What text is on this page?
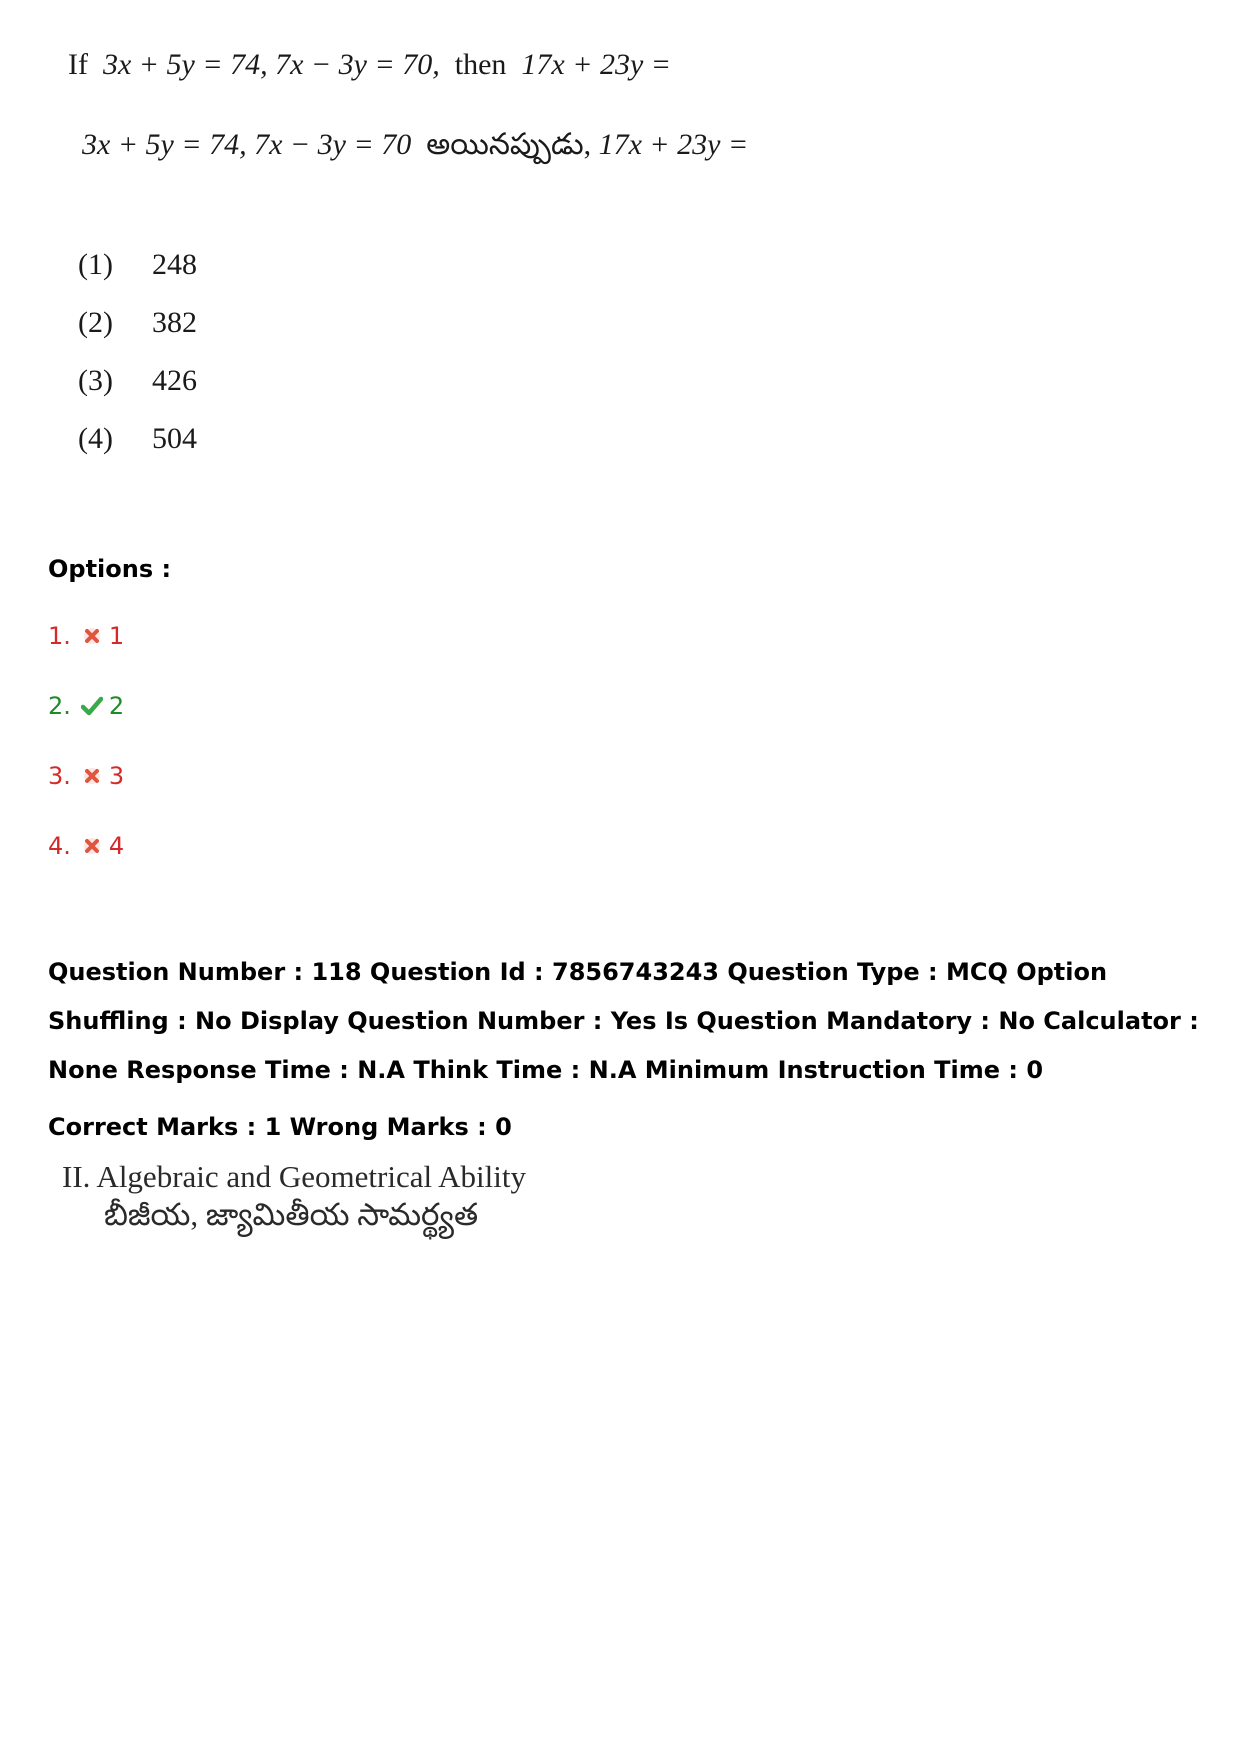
If 3x + 5y = 74, 7x − 3y = 70, then 17x + 23y =
3x + 5y = 74, 7x − 3y = 70 అయినప్పుడు, 17x + 23y =
(1) 248
(2) 382
(3) 426
(4) 504
Options :
1. 1
2. 2
3. 3
4. 4
Question Number : 118 Question Id : 7856743243 Question Type : MCQ Option Shuffling : No Display Question Number : Yes Is Question Mandatory : No Calculator : None Response Time : N.A Think Time : N.A Minimum Instruction Time : 0
Correct Marks : 1 Wrong Marks : 0
II. Algebraic and Geometrical Ability
బీజీయ, జ్యామితీయ సామర్థ్యత
